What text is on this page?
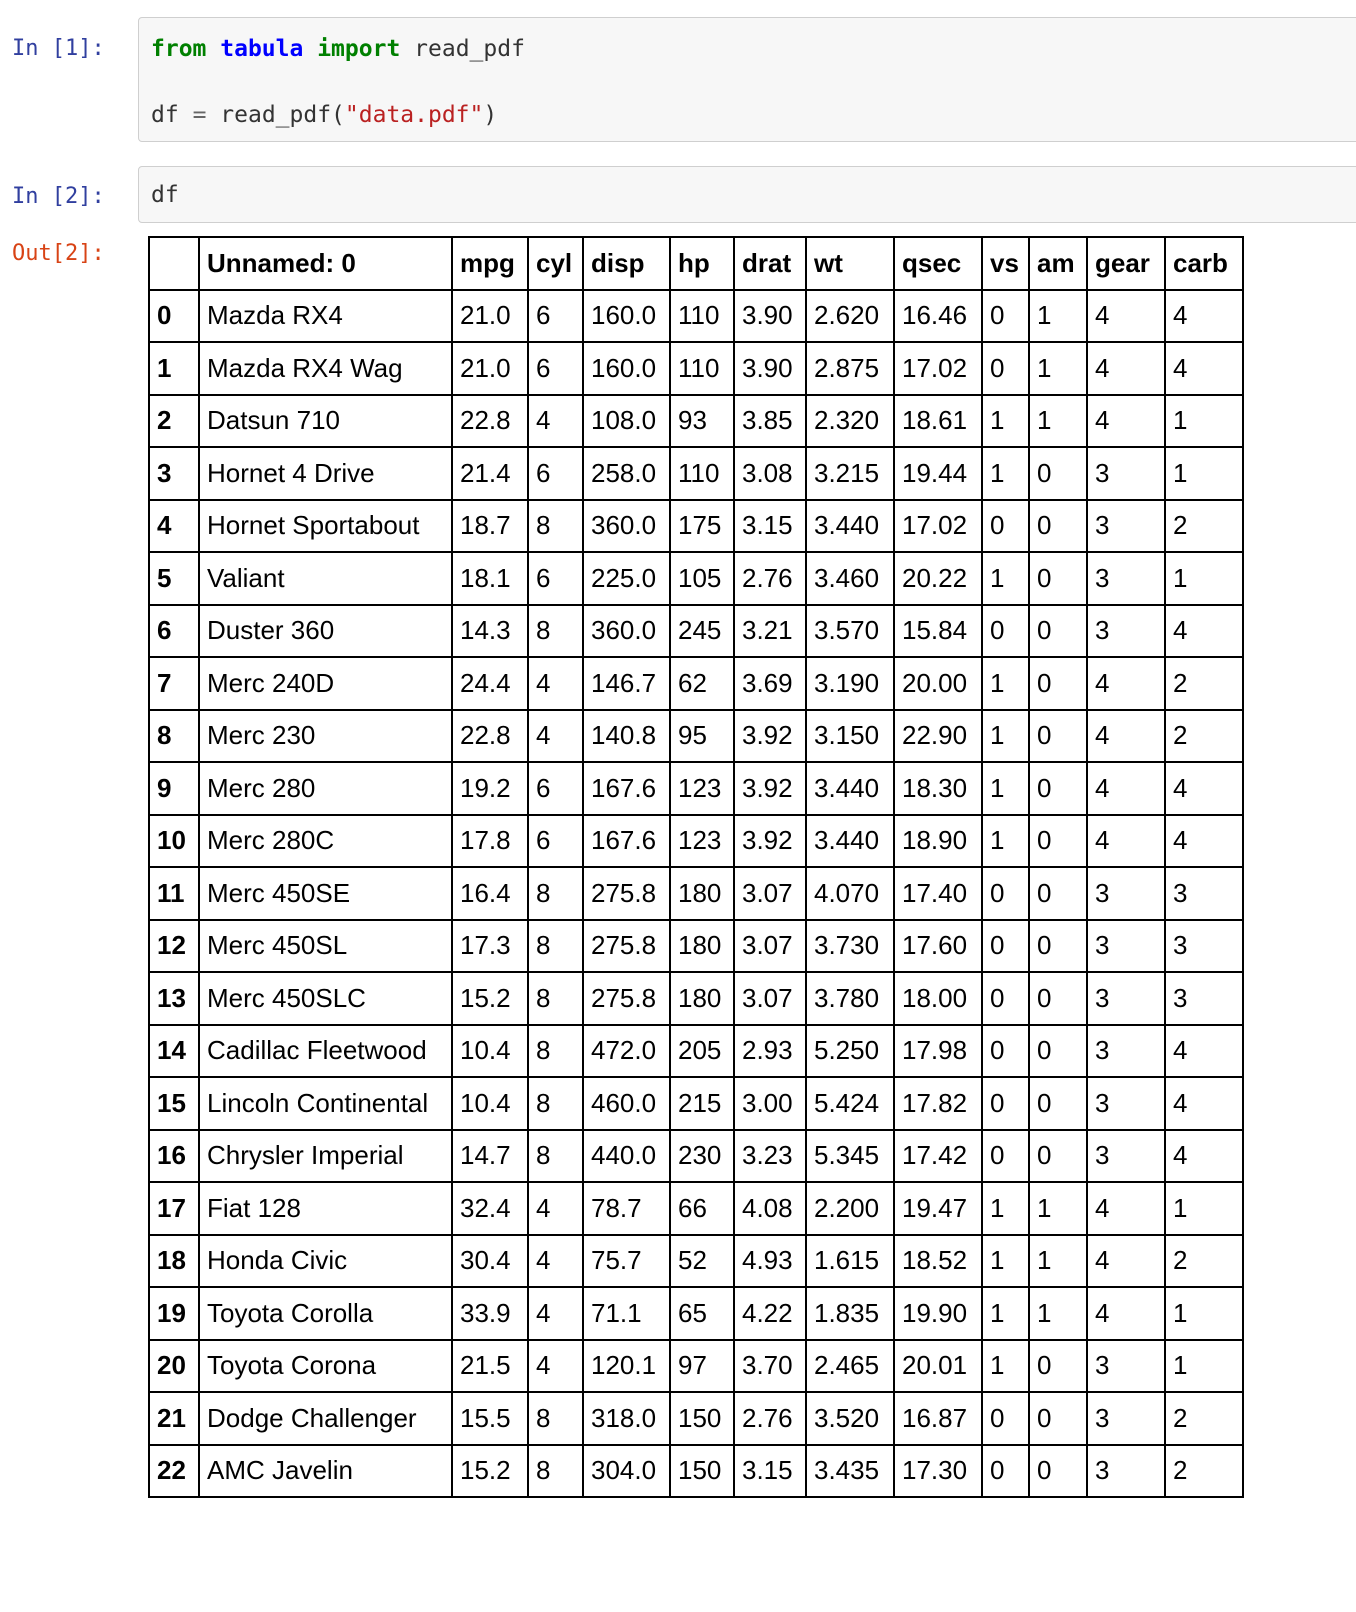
In [1]: from tabula import read_pdf
df = read_pdf("data.pdf")
In [2]: df
Out[2]:
		Unnamed: 0	mpg	cyl	disp	hp	drat	wt	qsec	vs	am	gear	carb
0	Mazda RX4	21.0	6	160.0	110	3.90	2.620	16.46	0	1	4	4
1	Mazda RX4 Wag	21.0	6	160.0	110	3.90	2.875	17.02	0	1	4	4
2	Datsun 710	22.8	4	108.0	93	3.85	2.320	18.61	1	1	4	1
3	Hornet 4 Drive	21.4	6	258.0	110	3.08	3.215	19.44	1	0	3	1
4	Hornet Sportabout	18.7	8	360.0	175	3.15	3.440	17.02	0	0	3	2
5	Valiant	18.1	6	225.0	105	2.76	3.460	20.22	1	0	3	1
6	Duster 360	14.3	8	360.0	245	3.21	3.570	15.84	0	0	3	4
7	Merc 240D	24.4	4	146.7	62	3.69	3.190	20.00	1	0	4	2
8	Merc 230	22.8	4	140.8	95	3.92	3.150	22.90	1	0	4	2
9	Merc 280	19.2	6	167.6	123	3.92	3.440	18.30	1	0	4	4
10	Merc 280C	17.8	6	167.6	123	3.92	3.440	18.90	1	0	4	4
11	Merc 450SE	16.4	8	275.8	180	3.07	4.070	17.40	0	0	3	3
12	Merc 450SL	17.3	8	275.8	180	3.07	3.730	17.60	0	0	3	3
13	Merc 450SLC	15.2	8	275.8	180	3.07	3.780	18.00	0	0	3	3
14	Cadillac Fleetwood	10.4	8	472.0	205	2.93	5.250	17.98	0	0	3	4
15	Lincoln Continental	10.4	8	460.0	215	3.00	5.424	17.82	0	0	3	4
16	Chrysler Imperial	14.7	8	440.0	230	3.23	5.345	17.42	0	0	3	4
17	Fiat 128	32.4	4	78.7	66	4.08	2.200	19.47	1	1	4	1
18	Honda Civic	30.4	4	75.7	52	4.93	1.615	18.52	1	1	4	2
19	Toyota Corolla	33.9	4	71.1	65	4.22	1.835	19.90	1	1	4	1
20	Toyota Corona	21.5	4	120.1	97	3.70	2.465	20.01	1	0	3	1
21	Dodge Challenger	15.5	8	318.0	150	2.76	3.520	16.87	0	0	3	2
22	AMC Javelin	15.2	8	304.0	150	3.15	3.435	17.30	0	0	3	2
